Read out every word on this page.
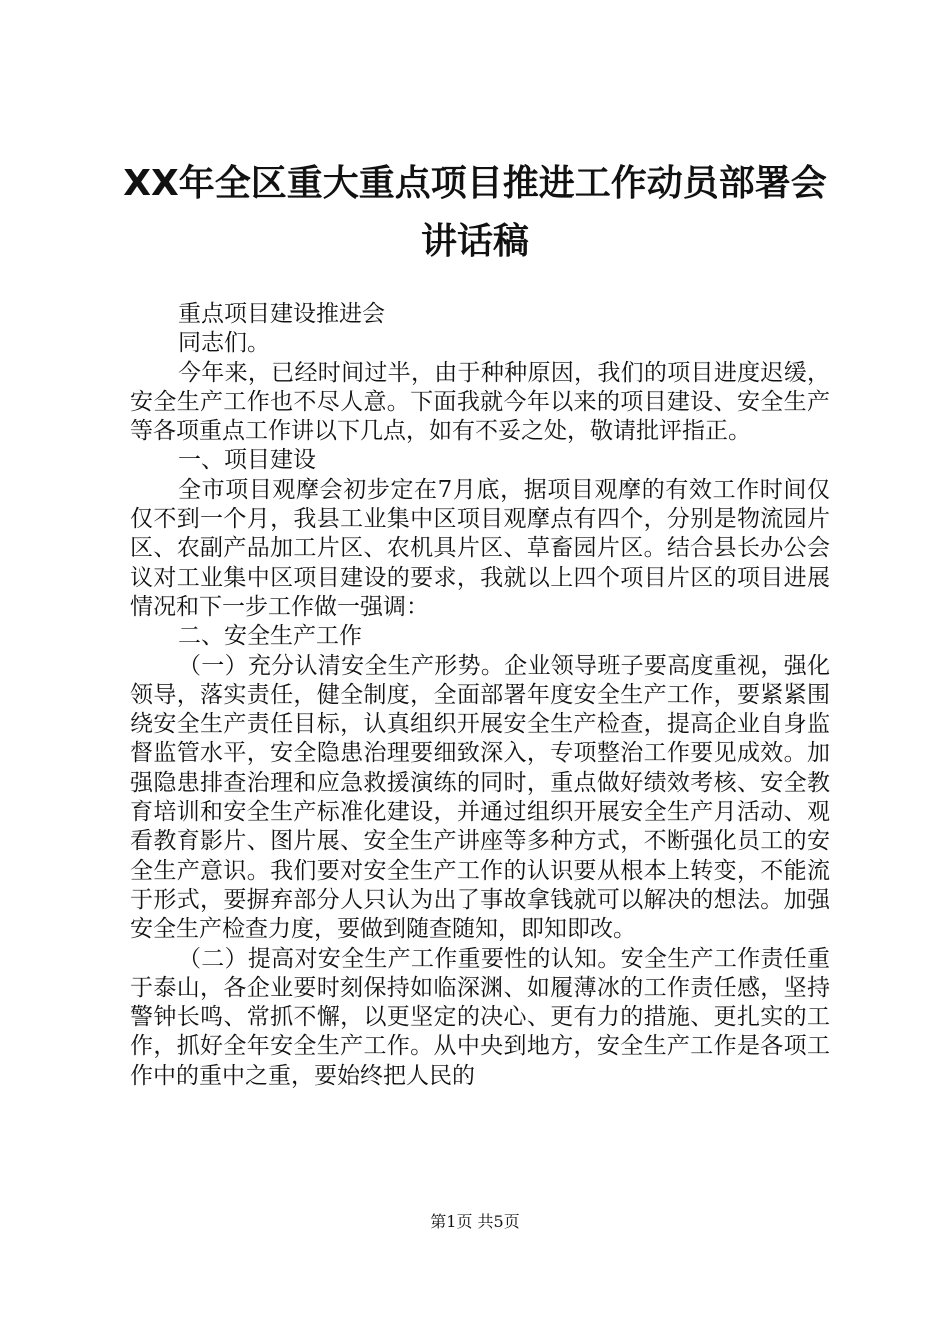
XX年全区重大重点项目推进工作动员部署会
讲话稿

重点项目建设推进会

同志们。

今年来，已经时间过半，由于种种原因，我们的项目进度迟缓，安全生产工作也不尽人意。下面我就今年以来的项目建设、安全生产等各项重点工作讲以下几点，如有不妥之处，敬请批评指正。

一、项目建设

全市项目观摩会初步定在7月底，据项目观摩的有效工作时间仅仅不到一个月，我县工业集中区项目观摩点有四个，分别是物流园片区、农副产品加工片区、农机具片区、草畜园片区。结合县长办公会议对工业集中区项目建设的要求，我就以上四个项目片区的项目进展情况和下一步工作做一强调：

二、安全生产工作

（一）充分认清安全生产形势。企业领导班子要高度重视，强化领导，落实责任，健全制度，全面部署年度安全生产工作，要紧紧围绕安全生产责任目标，认真组织开展安全生产检查，提高企业自身监督监管水平，安全隐患治理要细致深入，专项整治工作要见成效。加强隐患排查治理和应急救援演练的同时，重点做好绩效考核、安全教育培训和安全生产标准化建设，并通过组织开展安全生产月活动、观看教育影片、图片展、安全生产讲座等多种方式，不断强化员工的安全生产意识。我们要对安全生产工作的认识要从根本上转变，不能流于形式，要摒弃部分人只认为出了事故拿钱就可以解决的想法。加强安全生产检查力度，要做到随查随知，即知即改。

（二）提高对安全生产工作重要性的认知。安全生产工作责任重于泰山，各企业要时刻保持如临深渊、如履薄冰的工作责任感，坚持警钟长鸣、常抓不懈，以更坚定的决心、更有力的措施、更扎实的工作，抓好全年安全生产工作。从中央到地方，安全生产工作是各项工作中的重中之重，要始终把人民的

第1页 共5页
